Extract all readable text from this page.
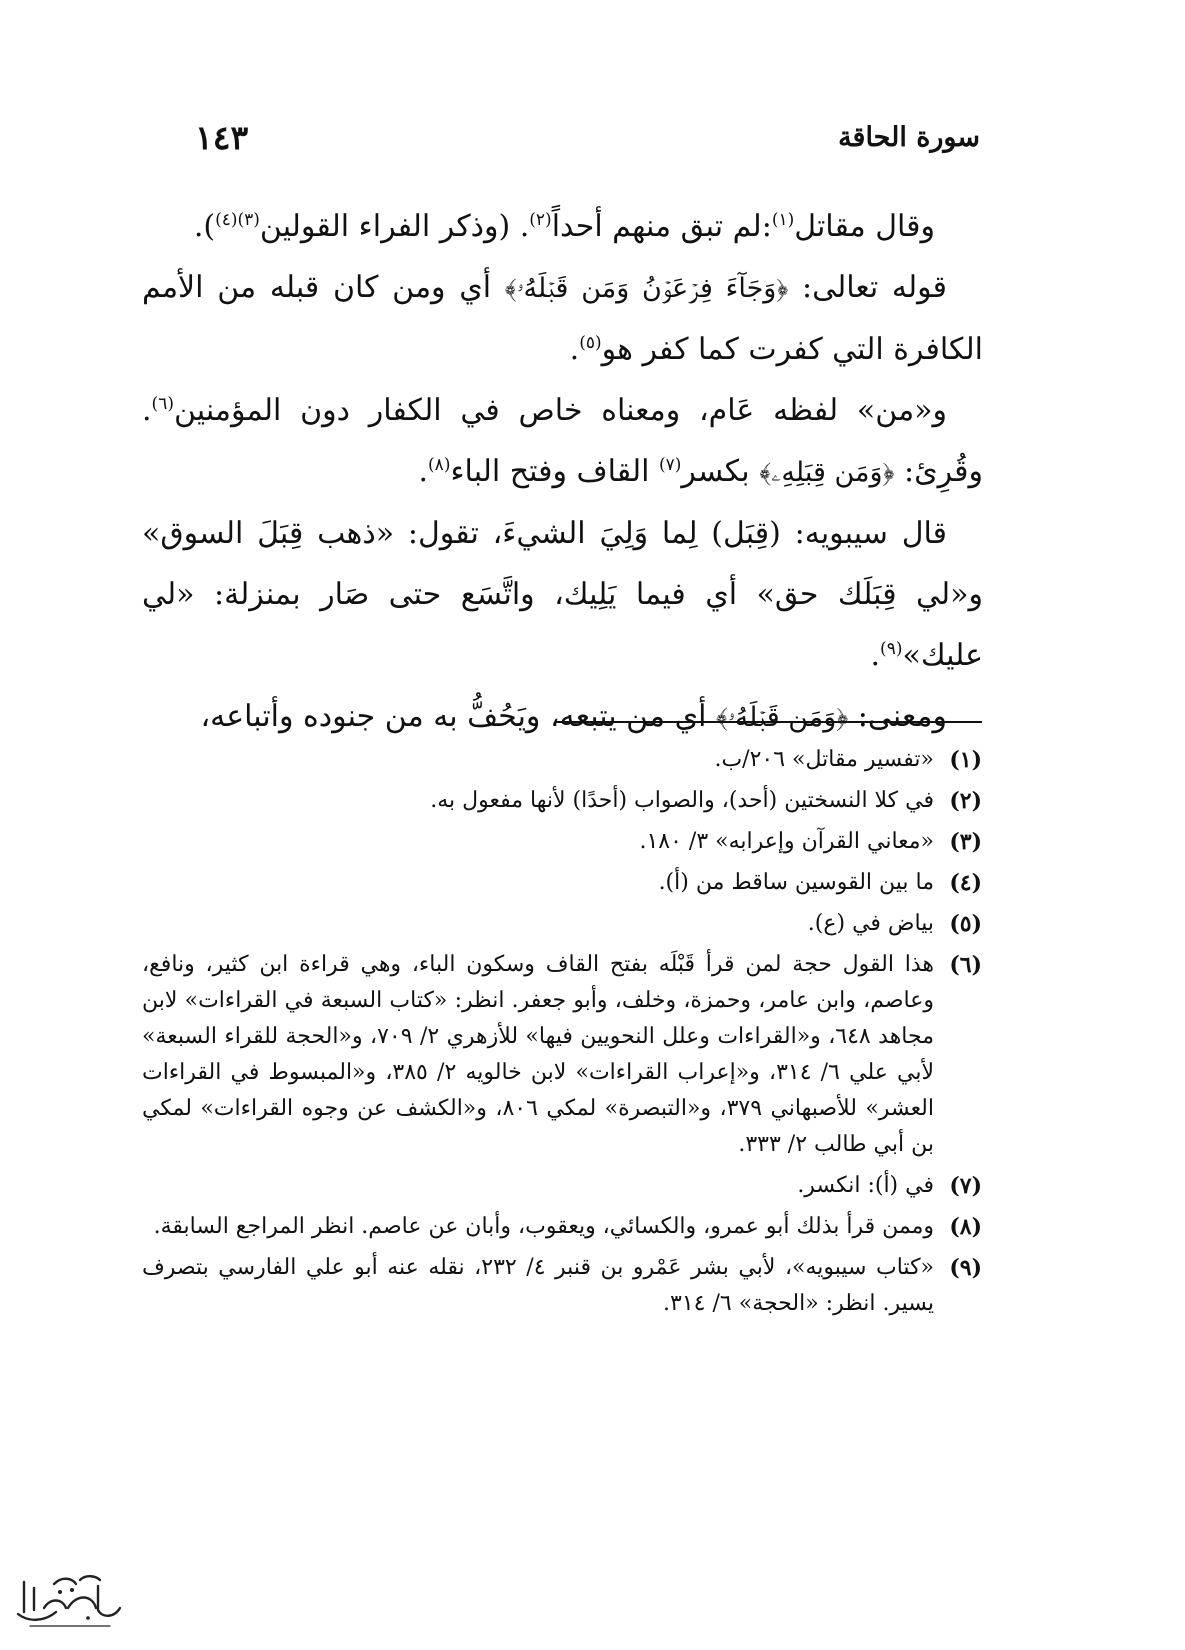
سورة الحاقة
١٤٣

وقال مقاتل$^{(١)}$:لم تبق منهم أحداً$^{(٢)}$. (وذكر الفراء القولين$^{(٣)(٤)}$).

قوله تعالى: ﴿وَجَآءَ فِرۡعَوۡنُ وَمَن قَبۡلَهُۥ﴾ أي ومن كان قبله من الأمم الكافرة التي كفرت كما كفر هو$^{(٥)}$.

و«من» لفظه عَام، ومعناه خاص في الكفار دون المؤمنين$^{(٦)}$. وقُرِئ: ﴿وَمَن قِبَلِهِۦ﴾ بكسر$^{(٧)}$ القاف وفتح الباء$^{(٨)}$.

قال سيبويه: (قِبَل) لِما وَلِيَ الشيءَ، تقول: «ذهب قِبَلَ السوق» و«لي قِبَلَك حق» أي فيما يَلِيك، واتَّسَع حتى صَار بمنزلة: «لي عليك»$^{(٩)}$.

ومعنى: ﴿وَمَن قَبۡلَهُۥ﴾ أي من يتبعه، ويَحُفُّ به من جنوده وأتباعه،

(١)
«تفسير مقاتل» ٢٠٦/ب.
(٢)
في كلا النسختين (أحد)، والصواب (أحدًا) لأنها مفعول به.
(٣)
«معاني القرآن وإعرابه» ٣/ ١٨٠.
(٤)
ما بين القوسين ساقط من (أ).
(٥)
بياض في (ع).
(٦)
هذا القول حجة لمن قرأ قَبْلَه بفتح القاف وسكون الباء، وهي قراءة ابن كثير، ونافع، وعاصم، وابن عامر، وحمزة، وخلف، وأبو جعفر. انظر: «كتاب السبعة في القراءات» لابن مجاهد ٦٤٨، و«القراءات وعلل النحويين فيها» للأزهري ٢/ ٧٠٩، و«الحجة للقراء السبعة» لأبي علي ٦/ ٣١٤، و«إعراب القراءات» لابن خالويه ٢/ ٣٨٥، و«المبسوط في القراءات العشر» للأصبهاني ٣٧٩، و«التبصرة» لمكي ٨٠٦، و«الكشف عن وجوه القراءات» لمكي بن أبي طالب ٢/ ٣٣٣.
(٧)
في (أ): انكسر.
(٨)
وممن قرأ بذلك أبو عمرو، والكسائي، ويعقوب، وأبان عن عاصم. انظر المراجع السابقة.
(٩)
«كتاب سيبويه»، لأبي بشر عَمْرو بن قنبر ٤/ ٢٣٢، نقله عنه أبو علي الفارسي بتصرف يسير. انظر: «الحجة» ٦/ ٣١٤.
